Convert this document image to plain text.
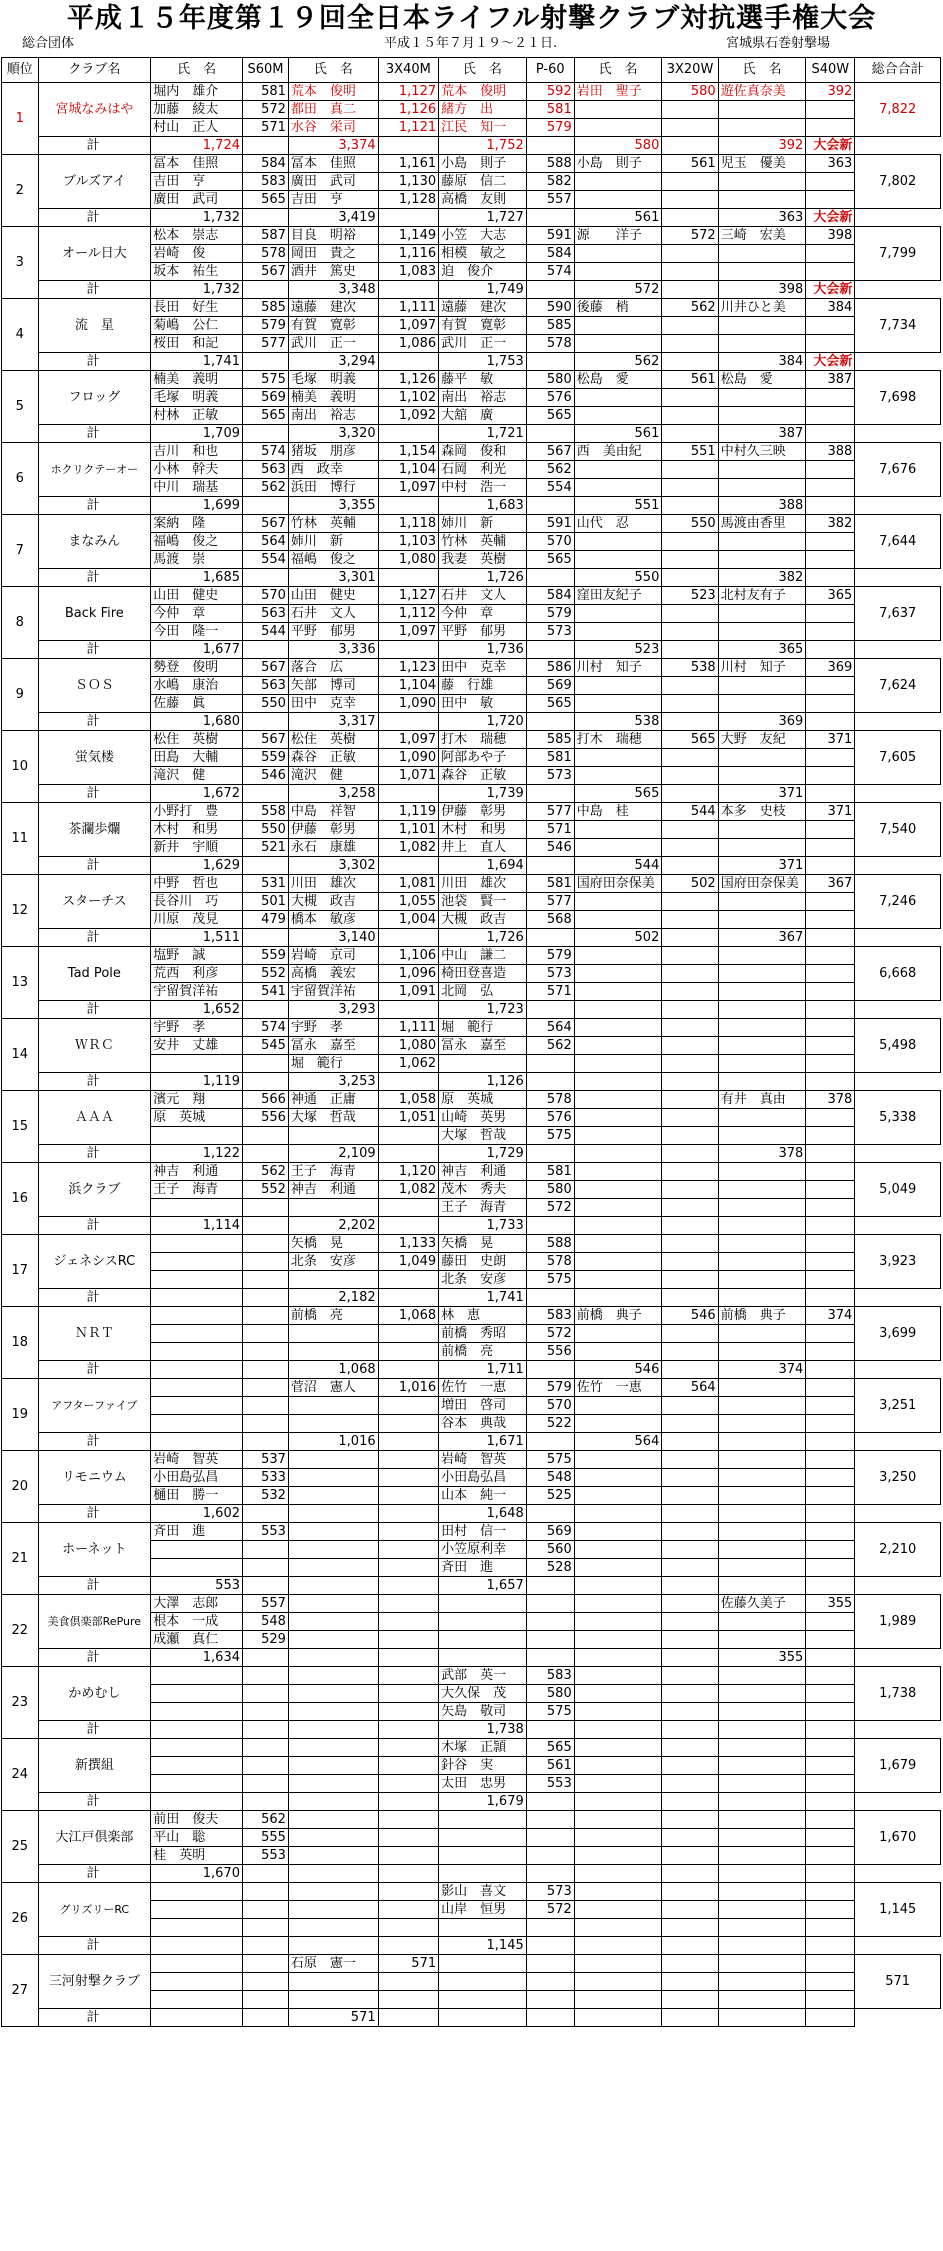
平成１５年度第１９回全日本ライフル射撃クラブ対抗選手権大会
総合団体	平成１５年７月１９～２１日.	宮城県石巻射撃場
順位	クラブ名	氏　名	S60M	氏　名	3X40M	氏　名	P-60	氏　名	3X20W	氏　名	S40W	総合合計
1	宮城なみはや	堀内　雄介	581	荒本　俊明	1,127	荒本　俊明	592	岩田　聖子	580	遊佐真奈美	392	7,822
		加藤　綾太	572	都田　真二	1,126	緒方　出	581					
		村山　正人	571	水谷　栄司	1,121	江民　知一	579					
	計	1,724		3,374		1,752		580		392	大会新	
2	ブルズアイ	冨本　佳照	584	冨本　佳照	1,161	小島　則子	588	小島　則子	561	児玉　優美	363	7,802
		吉田　亨	583	廣田　武司	1,130	藤原　信二	582					
		廣田　武司	565	吉田　亨	1,128	高橋　友則	557					
	計	1,732		3,419		1,727		561		363	大会新	
3	オール日大	松本　崇志	587	目良　明裕	1,149	小笠　大志	591	源　　洋子	572	三崎　宏美	398	7,799
		岩崎　俊	578	岡田　貴之	1,116	相模　敏之	584					
		坂本　祐生	567	酒井　篤史	1,083	迫　俊介	574					
	計	1,732		3,348		1,749		572		398	大会新	
4	流　星	長田　好生	585	遠藤　建次	1,111	遠藤　建次	590	後藤　梢	562	川井ひと美	384	7,734
		菊嶋　公仁	579	有賀　寛彰	1,097	有賀　寛彰	585					
		桜田　和記	577	武川　正一	1,086	武川　正一	578					
	計	1,741		3,294		1,753		562		384	大会新	
5	フロッグ	楠美　義明	575	毛塚　明義	1,126	藤平　敏	580	松島　愛	561	松島　愛	387	7,698
		毛塚　明義	569	楠美　義明	1,102	南出　裕志	576					
		村林　正敏	565	南出　裕志	1,092	大舘　廣	565					
	計	1,709		3,320		1,721		561		387		
6	ホクリクテーオー	吉川　和也	574	猪坂　朋彦	1,154	森岡　俊和	567	西　美由紀	551	中村久三映	388	7,676
		小林　幹夫	563	西　政幸	1,104	石岡　利光	562					
		中川　瑞基	562	浜田　博行	1,097	中村　浩一	554					
	計	1,699		3,355		1,683		551		388		
7	まなみん	案納　隆	567	竹林　英輔	1,118	姉川　新	591	山代　忍	550	馬渡由香里	382	7,644
		福嶋　俊之	564	姉川　新	1,103	竹林　英輔	570					
		馬渡　崇	554	福嶋　俊之	1,080	我妻　英樹	565					
	計	1,685		3,301		1,726		550		382		
8	Back Fire	山田　健史	570	山田　健史	1,127	石井　文人	584	窪田友紀子	523	北村友有子	365	7,637
		今仲　章	563	石井　文人	1,112	今仲　章	579					
		今田　隆一	544	平野　郁男	1,097	平野　郁男	573					
	計	1,677		3,336		1,736		523		365		
9	ＳＯＳ	勢登　俊明	567	落合　広	1,123	田中　克幸	586	川村　知子	538	川村　知子	369	7,624
		水嶋　康治	563	矢部　博司	1,104	藤　行雄	569					
		佐藤　眞	550	田中　克幸	1,090	田中　敏	565					
	計	1,680		3,317		1,720		538		369		
10	蛍気楼	松住　英樹	567	松住　英樹	1,097	打木　瑞穂	585	打木　瑞穂	565	大野　友紀	371	7,605
		田島　大輔	559	森谷　正敏	1,090	阿部あや子	581					
		滝沢　健	546	滝沢　健	1,071	森谷　正敏	573					
	計	1,672		3,258		1,739		565		371		
11	茶瀾歩爛	小野打　豊	558	中島　祥智	1,119	伊藤　彰男	577	中島　桂	544	本多　史枝	371	7,540
		木村　和男	550	伊藤　彰男	1,101	木村　和男	571					
		新井　宇順	521	永石　康雄	1,082	井上　直人	546					
	計	1,629		3,302		1,694		544		371		
12	スターチス	中野　哲也	531	川田　雄次	1,081	川田　雄次	581	国府田奈保美	502	国府田奈保美	367	7,246
		長谷川　巧	501	大槻　政吉	1,055	池袋　賢一	577					
		川原　茂見	479	橋本　敏彦	1,004	大槻　政吉	568					
	計	1,511		3,140		1,726		502		367		
13	Tad Pole	塩野　誠	559	岩崎　京司	1,106	中山　謙二	579					6,668
		荒西　利彦	552	高橋　義宏	1,096	椅田登喜造	573					
		宇留賀洋祐	541	宇留賀洋祐	1,091	北岡　弘	571					
	計	1,652		3,293		1,723						
14	ＷＲＣ	宇野　孝	574	宇野　孝	1,111	堀　範行	564					5,498
		安井　丈雄	545	冨永　嘉至	1,080	冨永　嘉至	562					
				堀　範行	1,062							
	計	1,119		3,253		1,126						
15	ＡＡＡ	濱元　翔	566	神通　正庸	1,058	原　英城	578			有井　真由	378	5,338
		原　英城	556	大塚　哲哉	1,051	山崎　英男	576					
						大塚　哲哉	575					
	計	1,122		2,109		1,729				378		
16	浜クラブ	神吉　利通	562	王子　海青	1,120	神吉　利通	581					5,049
		王子　海青	552	神吉　利通	1,082	茂木　秀夫	580					
						王子　海青	572					
	計	1,114		2,202		1,733						
17	ジェネシスRC			矢橋　晃	1,133	矢橋　晃	588					3,923
				北条　安彦	1,049	藤田　史朗	578					
						北条　安彦	575					
	計			2,182		1,741						
18	ＮＲＴ			前橋　亮	1,068	林　恵	583	前橋　典子	546	前橋　典子	374	3,699
						前橋　秀昭	572					
						前橋　亮	556					
	計			1,068		1,711		546		374		
19	アフターファイブ			菅沼　憲人	1,016	佐竹　一恵	579	佐竹　一恵	564			3,251
						増田　啓司	570					
						谷本　典哉	522					
	計			1,016		1,671		564				
20	リモニウム	岩崎　智英	537			岩崎　智英	575					3,250
		小田島弘昌	533			小田島弘昌	548					
		樋田　勝一	532			山本　純一	525					
	計	1,602				1,648						
21	ホーネット	斉田　進	553			田村　信一	569					2,210
						小笠原利幸	560					
						斉田　進	528					
	計	553				1,657						
22	美食倶楽部RePure	大澤　志郎	557							佐藤久美子	355	1,989
		根本　一成	548									
		成瀬　真仁	529									
	計	1,634								355		
23	かめむし					武部　英一	583					1,738
						大久保　茂	580					
						矢島　敬司	575					
	計					1,738						
24	新撰組					木塚　正頴	565					1,679
						針谷　実	561					
						太田　忠男	553					
	計					1,679						
25	大江戸倶楽部	前田　俊夫	562									1,670
		平山　聡	555									
		桂　英明	553									
	計	1,670										
26	グリズリーRC					影山　喜文	573					1,145
						山岸　恒男	572					

	計					1,145						
27	三河射撃クラブ			石原　憲一	571							571

	計			571								
